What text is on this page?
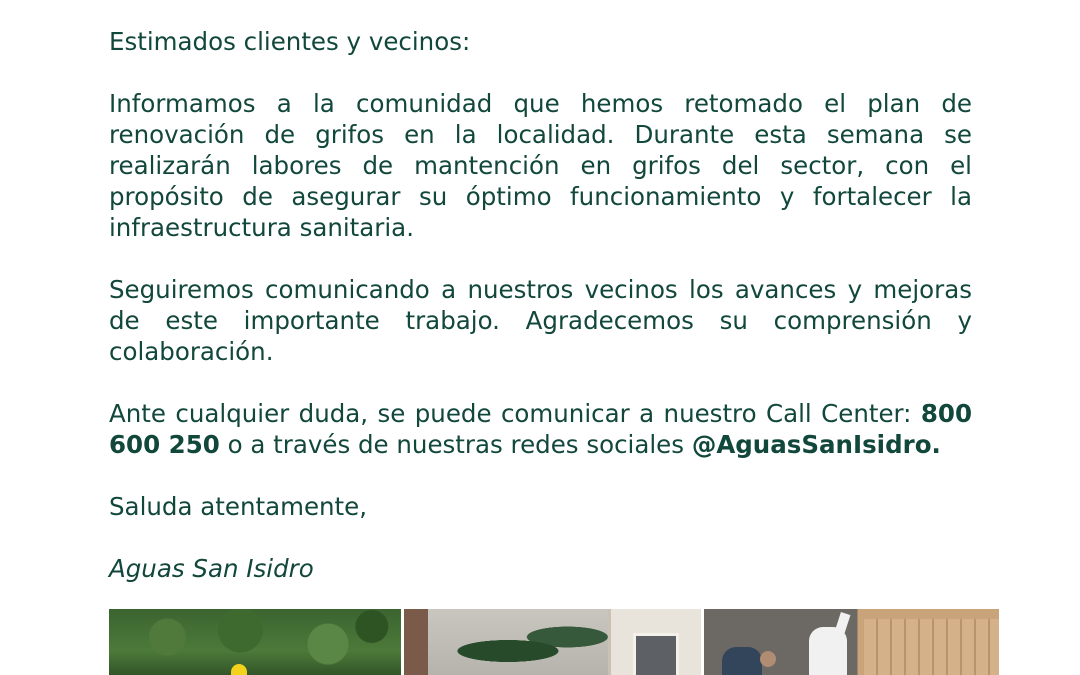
Estimados clientes y vecinos:

Informamos a la comunidad que hemos retomado el plan de renovación de grifos en la localidad. Durante esta semana se realizarán labores de mantención en grifos del sector, con el propósito de asegurar su óptimo funcionamiento y fortalecer la infraestructura sanitaria.

Seguiremos comunicando a nuestros vecinos los avances y mejoras de este importante trabajo. Agradecemos su comprensión y colaboración.

Ante cualquier duda, se puede comunicar a nuestro Call Center: 800 600 250 o a través de nuestras redes sociales @AguasSanIsidro.

Saluda atentamente,

Aguas San Isidro
